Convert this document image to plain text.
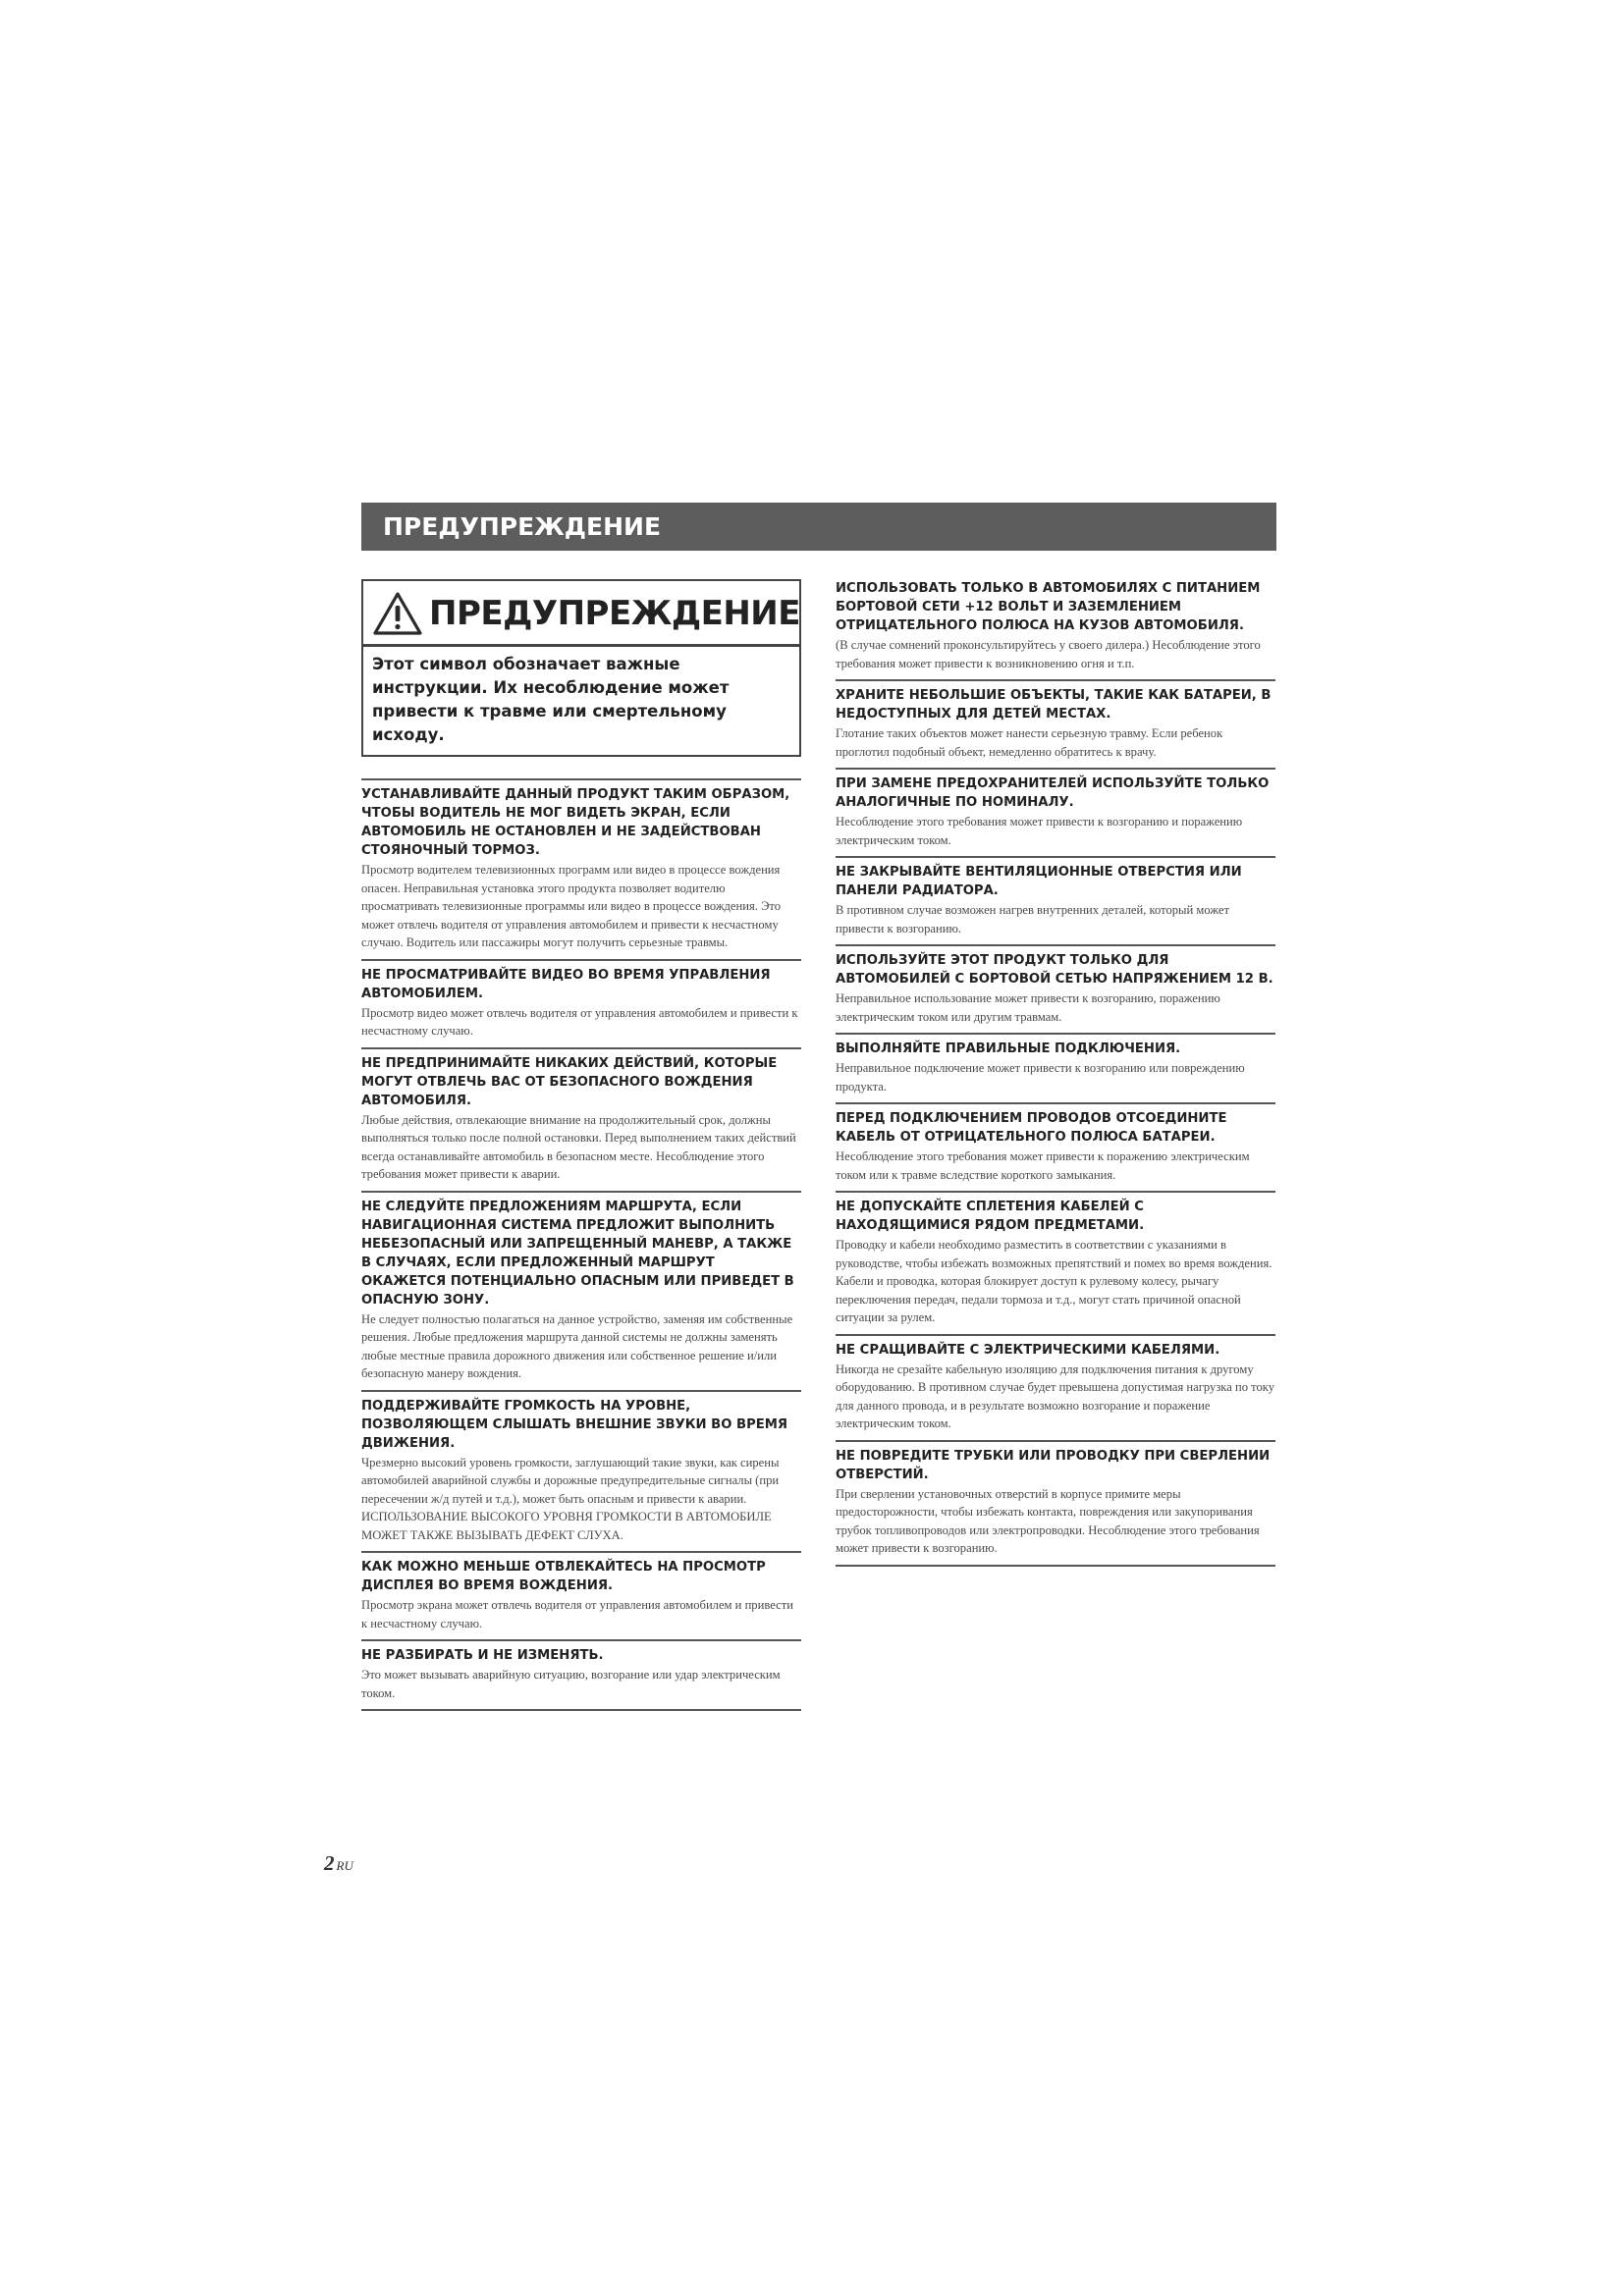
ПРЕДУПРЕЖДЕНИЕ
ПРЕДУПРЕЖДЕНИЕ
Этот символ обозначает важные инструкции. Их несоблюдение может привести к травме или смертельному исходу.
УСТАНАВЛИВАЙТЕ ДАННЫЙ ПРОДУКТ ТАКИМ ОБРАЗОМ, ЧТОБЫ ВОДИТЕЛЬ НЕ МОГ ВИДЕТЬ ЭКРАН, ЕСЛИ АВТОМОБИЛЬ НЕ ОСТАНОВЛЕН И НЕ ЗАДЕЙСТВОВАН СТОЯНОЧНЫЙ ТОРМОЗ.
Просмотр водителем телевизионных программ или видео в процессе вождения опасен. Неправильная установка этого продукта позволяет водителю просматривать телевизионные программы или видео в процессе вождения. Это может отвлечь водителя от управления автомобилем и привести к несчастному случаю. Водитель или пассажиры могут получить серьезные травмы.
НЕ ПРОСМАТРИВАЙТЕ ВИДЕО ВО ВРЕМЯ УПРАВЛЕНИЯ АВТОМОБИЛЕМ.
Просмотр видео может отвлечь водителя от управления автомобилем и привести к несчастному случаю.
НЕ ПРЕДПРИНИМАЙТЕ НИКАКИХ ДЕЙСТВИЙ, КОТОРЫЕ МОГУТ ОТВЛЕЧЬ ВАС ОТ БЕЗОПАСНОГО ВОЖДЕНИЯ АВТОМОБИЛЯ.
Любые действия, отвлекающие внимание на продолжительный срок, должны выполняться только после полной остановки. Перед выполнением таких действий всегда останавливайте автомобиль в безопасном месте. Несоблюдение этого требования может привести к аварии.
НЕ СЛЕДУЙТЕ ПРЕДЛОЖЕНИЯМ МАРШРУТА, ЕСЛИ НАВИГАЦИОННАЯ СИСТЕМА ПРЕДЛОЖИТ ВЫПОЛНИТЬ НЕБЕЗОПАСНЫЙ ИЛИ ЗАПРЕЩЕННЫЙ МАНЕВР, А ТАКЖЕ В СЛУЧАЯХ, ЕСЛИ ПРЕДЛОЖЕННЫЙ МАРШРУТ ОКАЖЕТСЯ ПОТЕНЦИАЛЬНО ОПАСНЫМ ИЛИ ПРИВЕДЕТ В ОПАСНУЮ ЗОНУ.
Не следует полностью полагаться на данное устройство, заменяя им собственные решения. Любые предложения маршрута данной системы не должны заменять любые местные правила дорожного движения или собственное решение и/или безопасную манеру вождения.
ПОДДЕРЖИВАЙТЕ ГРОМКОСТЬ НА УРОВНЕ, ПОЗВОЛЯЮЩЕМ СЛЫШАТЬ ВНЕШНИЕ ЗВУКИ ВО ВРЕМЯ ДВИЖЕНИЯ.
Чрезмерно высокий уровень громкости, заглушающий такие звуки, как сирены автомобилей аварийной службы и дорожные предупредительные сигналы (при пересечении ж/д путей и т.д.), может быть опасным и привести к аварии. ИСПОЛЬЗОВАНИЕ ВЫСОКОГО УРОВНЯ ГРОМКОСТИ В АВТОМОБИЛЕ МОЖЕТ ТАКЖЕ ВЫЗЫВАТЬ ДЕФЕКТ СЛУХА.
КАК МОЖНО МЕНЬШЕ ОТВЛЕКАЙТЕСЬ НА ПРОСМОТР ДИСПЛЕЯ ВО ВРЕМЯ ВОЖДЕНИЯ.
Просмотр экрана может отвлечь водителя от управления автомобилем и привести к несчастному случаю.
НЕ РАЗБИРАТЬ И НЕ ИЗМЕНЯТЬ.
Это может вызывать аварийную ситуацию, возгорание или удар электрическим током.
ИСПОЛЬЗОВАТЬ ТОЛЬКО В АВТОМОБИЛЯХ С ПИТАНИЕМ БОРТОВОЙ СЕТИ +12 ВОЛЬТ И ЗАЗЕМЛЕНИЕМ ОТРИЦАТЕЛЬНОГО ПОЛЮСА НА КУЗОВ АВТОМОБИЛЯ.
(В случае сомнений проконсультируйтесь у своего дилера.) Несоблюдение этого требования может привести к возникновению огня и т.п.
ХРАНИТЕ НЕБОЛЬШИЕ ОБЪЕКТЫ, ТАКИЕ КАК БАТАРЕИ, В НЕДОСТУПНЫХ ДЛЯ ДЕТЕЙ МЕСТАХ.
Глотание таких объектов может нанести серьезную травму. Если ребенок проглотил подобный объект, немедленно обратитесь к врачу.
ПРИ ЗАМЕНЕ ПРЕДОХРАНИТЕЛЕЙ ИСПОЛЬЗУЙТЕ ТОЛЬКО АНАЛОГИЧНЫЕ ПО НОМИНАЛУ.
Несоблюдение этого требования может привести к возгоранию и поражению электрическим током.
НЕ ЗАКРЫВАЙТЕ ВЕНТИЛЯЦИОННЫЕ ОТВЕРСТИЯ ИЛИ ПАНЕЛИ РАДИАТОРА.
В противном случае возможен нагрев внутренних деталей, который может привести к возгоранию.
ИСПОЛЬЗУЙТЕ ЭТОТ ПРОДУКТ ТОЛЬКО ДЛЯ АВТОМОБИЛЕЙ С БОРТОВОЙ СЕТЬЮ НАПРЯЖЕНИЕМ 12 В.
Неправильное использование может привести к возгоранию, поражению электрическим током или другим травмам.
ВЫПОЛНЯЙТЕ ПРАВИЛЬНЫЕ ПОДКЛЮЧЕНИЯ.
Неправильное подключение может привести к возгоранию или повреждению продукта.
ПЕРЕД ПОДКЛЮЧЕНИЕМ ПРОВОДОВ ОТСОЕДИНИТЕ КАБЕЛЬ ОТ ОТРИЦАТЕЛЬНОГО ПОЛЮСА БАТАРЕИ.
Несоблюдение этого требования может привести к поражению электрическим током или к травме вследствие короткого замыкания.
НЕ ДОПУСКАЙТЕ СПЛЕТЕНИЯ КАБЕЛЕЙ С НАХОДЯЩИМИСЯ РЯДОМ ПРЕДМЕТАМИ.
Проводку и кабели необходимо разместить в соответствии с указаниями в руководстве, чтобы избежать возможных препятствий и помех во время вождения. Кабели и проводка, которая блокирует доступ к рулевому колесу, рычагу переключения передач, педали тормоза и т.д., могут стать причиной опасной ситуации за рулем.
НЕ СРАЩИВАЙТЕ С ЭЛЕКТРИЧЕСКИМИ КАБЕЛЯМИ.
Никогда не срезайте кабельную изоляцию для подключения питания к другому оборудованию. В противном случае будет превышена допустимая нагрузка по току для данного провода, и в результате возможно возгорание и поражение электрическим током.
НЕ ПОВРЕДИТЕ ТРУБКИ ИЛИ ПРОВОДКУ ПРИ СВЕРЛЕНИИ ОТВЕРСТИЙ.
При сверлении установочных отверстий в корпусе примите меры предосторожности, чтобы избежать контакта, повреждения или закупоривания трубок топливопроводов или электропроводки. Несоблюдение этого требования может привести к возгоранию.
2 RU
